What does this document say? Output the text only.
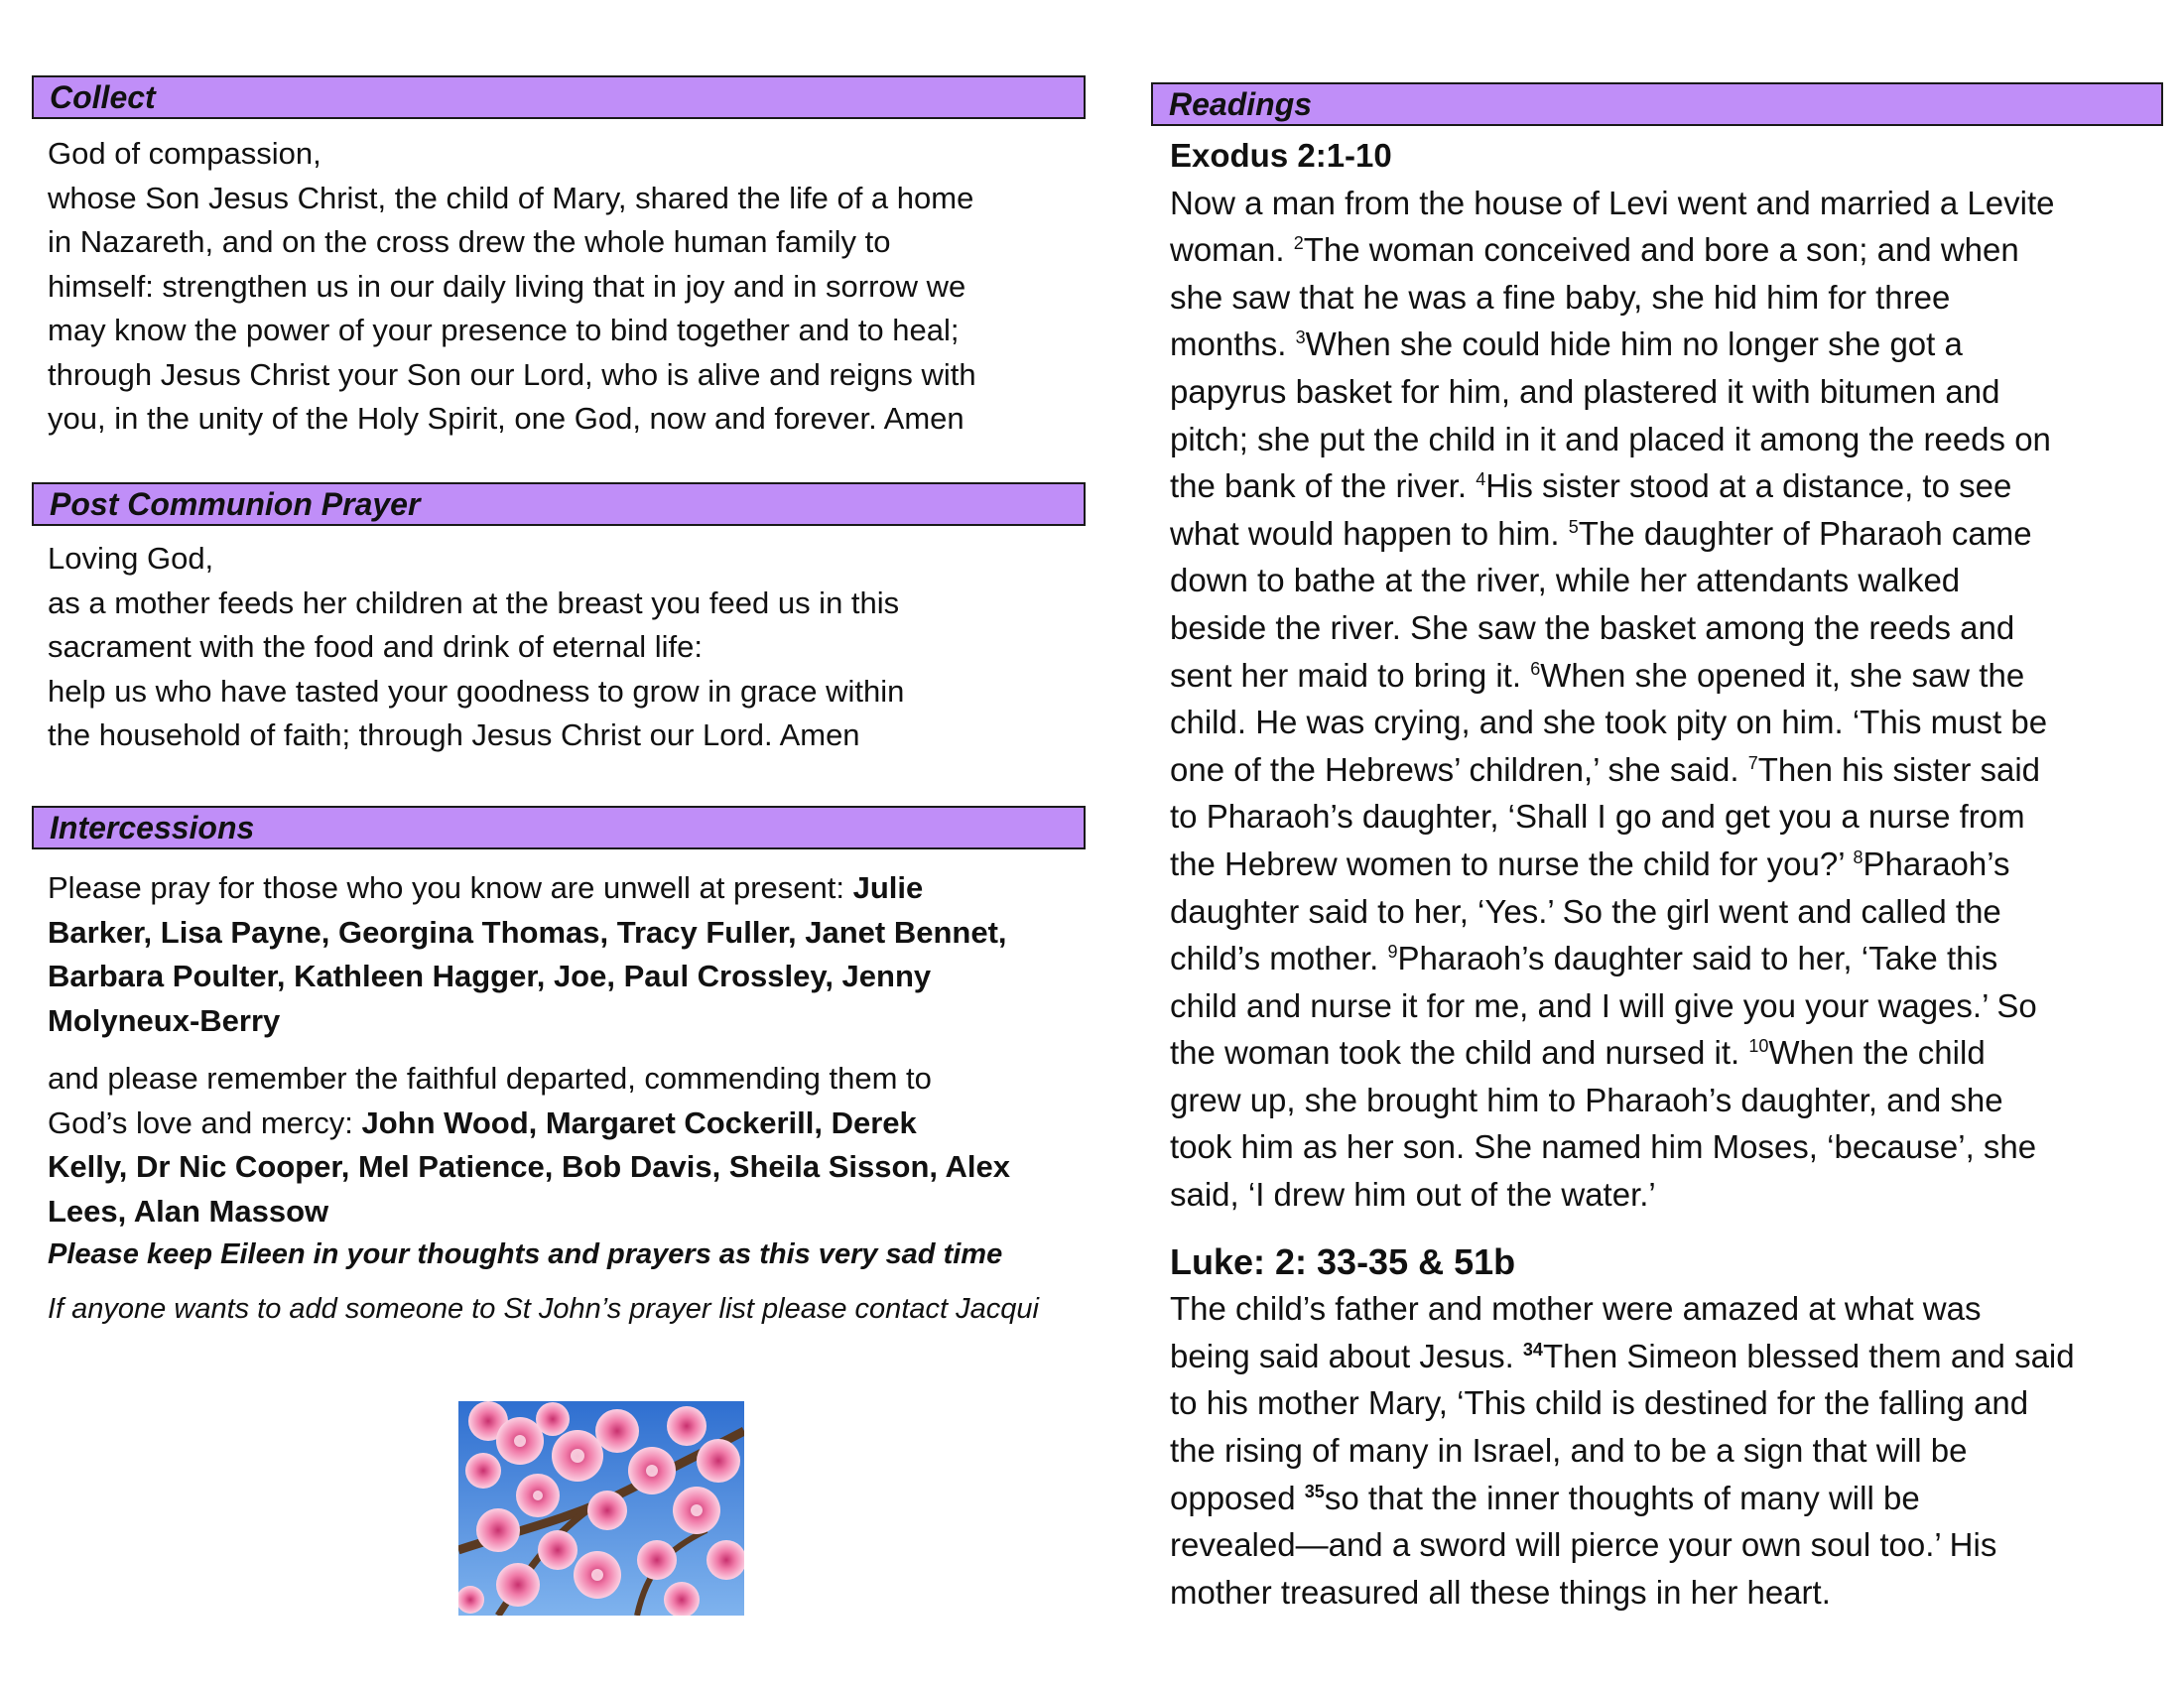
Collect

God of compassion,

whose Son Jesus Christ, the child of Mary, shared the life of a home

in Nazareth, and on the cross drew the whole human family to

himself: strengthen us in our daily living that in joy and in sorrow we

may know the power of your presence to bind together and to heal;

through Jesus Christ your Son our Lord, who is alive and reigns with

you, in the unity of the Holy Spirit, one God, now and forever. Amen

Post Communion Prayer

Loving God,

as a mother feeds her children at the breast you feed us in this

sacrament with the food and drink of eternal life:

help us who have tasted your goodness to grow in grace within

the household of faith; through Jesus Christ our Lord. Amen

Intercessions

Please pray for those who you know are unwell at present: Julie

Barker, Lisa Payne, Georgina Thomas, Tracy Fuller, Janet Bennet,

Barbara Poulter, Kathleen Hagger, Joe, Paul Crossley, Jenny

Molyneux-Berry

and please remember the faithful departed, commending them to

God’s love and mercy: John Wood, Margaret Cockerill, Derek

Kelly, Dr Nic Cooper, Mel Patience, Bob Davis, Sheila Sisson, Alex

Lees, Alan Massow

Please keep Eileen in your thoughts and prayers as this very sad time

If anyone wants to add someone to St John’s prayer list please contact Jacqui

Readings

Exodus 2:1-10

Now a man from the house of Levi went and married a Levite

woman. $^2$The woman conceived and bore a son; and when

she saw that he was a fine baby, she hid him for three

months. $^3$When she could hide him no longer she got a

papyrus basket for him, and plastered it with bitumen and

pitch; she put the child in it and placed it among the reeds on

the bank of the river. $^4$His sister stood at a distance, to see

what would happen to him. $^5$The daughter of Pharaoh came

down to bathe at the river, while her attendants walked

beside the river. She saw the basket among the reeds and

sent her maid to bring it. $^6$When she opened it, she saw the

child. He was crying, and she took pity on him. ‘This must be

one of the Hebrews’ children,’ she said. $^7$Then his sister said

to Pharaoh’s daughter, ‘Shall I go and get you a nurse from

the Hebrew women to nurse the child for you?’ $^8$Pharaoh’s

daughter said to her, ‘Yes.’ So the girl went and called the

child’s mother. $^9$Pharaoh’s daughter said to her, ‘Take this

child and nurse it for me, and I will give you your wages.’ So

the woman took the child and nursed it. $^{10}$When the child

grew up, she brought him to Pharaoh’s daughter, and she

took him as her son. She named him Moses, ‘because’, she

said, ‘I drew him out of the water.’

Luke: 2: 33-35 & 51b

The child’s father and mother were amazed at what was

being said about Jesus. $^{34}$Then Simeon blessed them and said

to his mother Mary, ‘This child is destined for the falling and

the rising of many in Israel, and to be a sign that will be

opposed $^{35}$so that the inner thoughts of many will be

revealed—and a sword will pierce your own soul too.’ His

mother treasured all these things in her heart.
